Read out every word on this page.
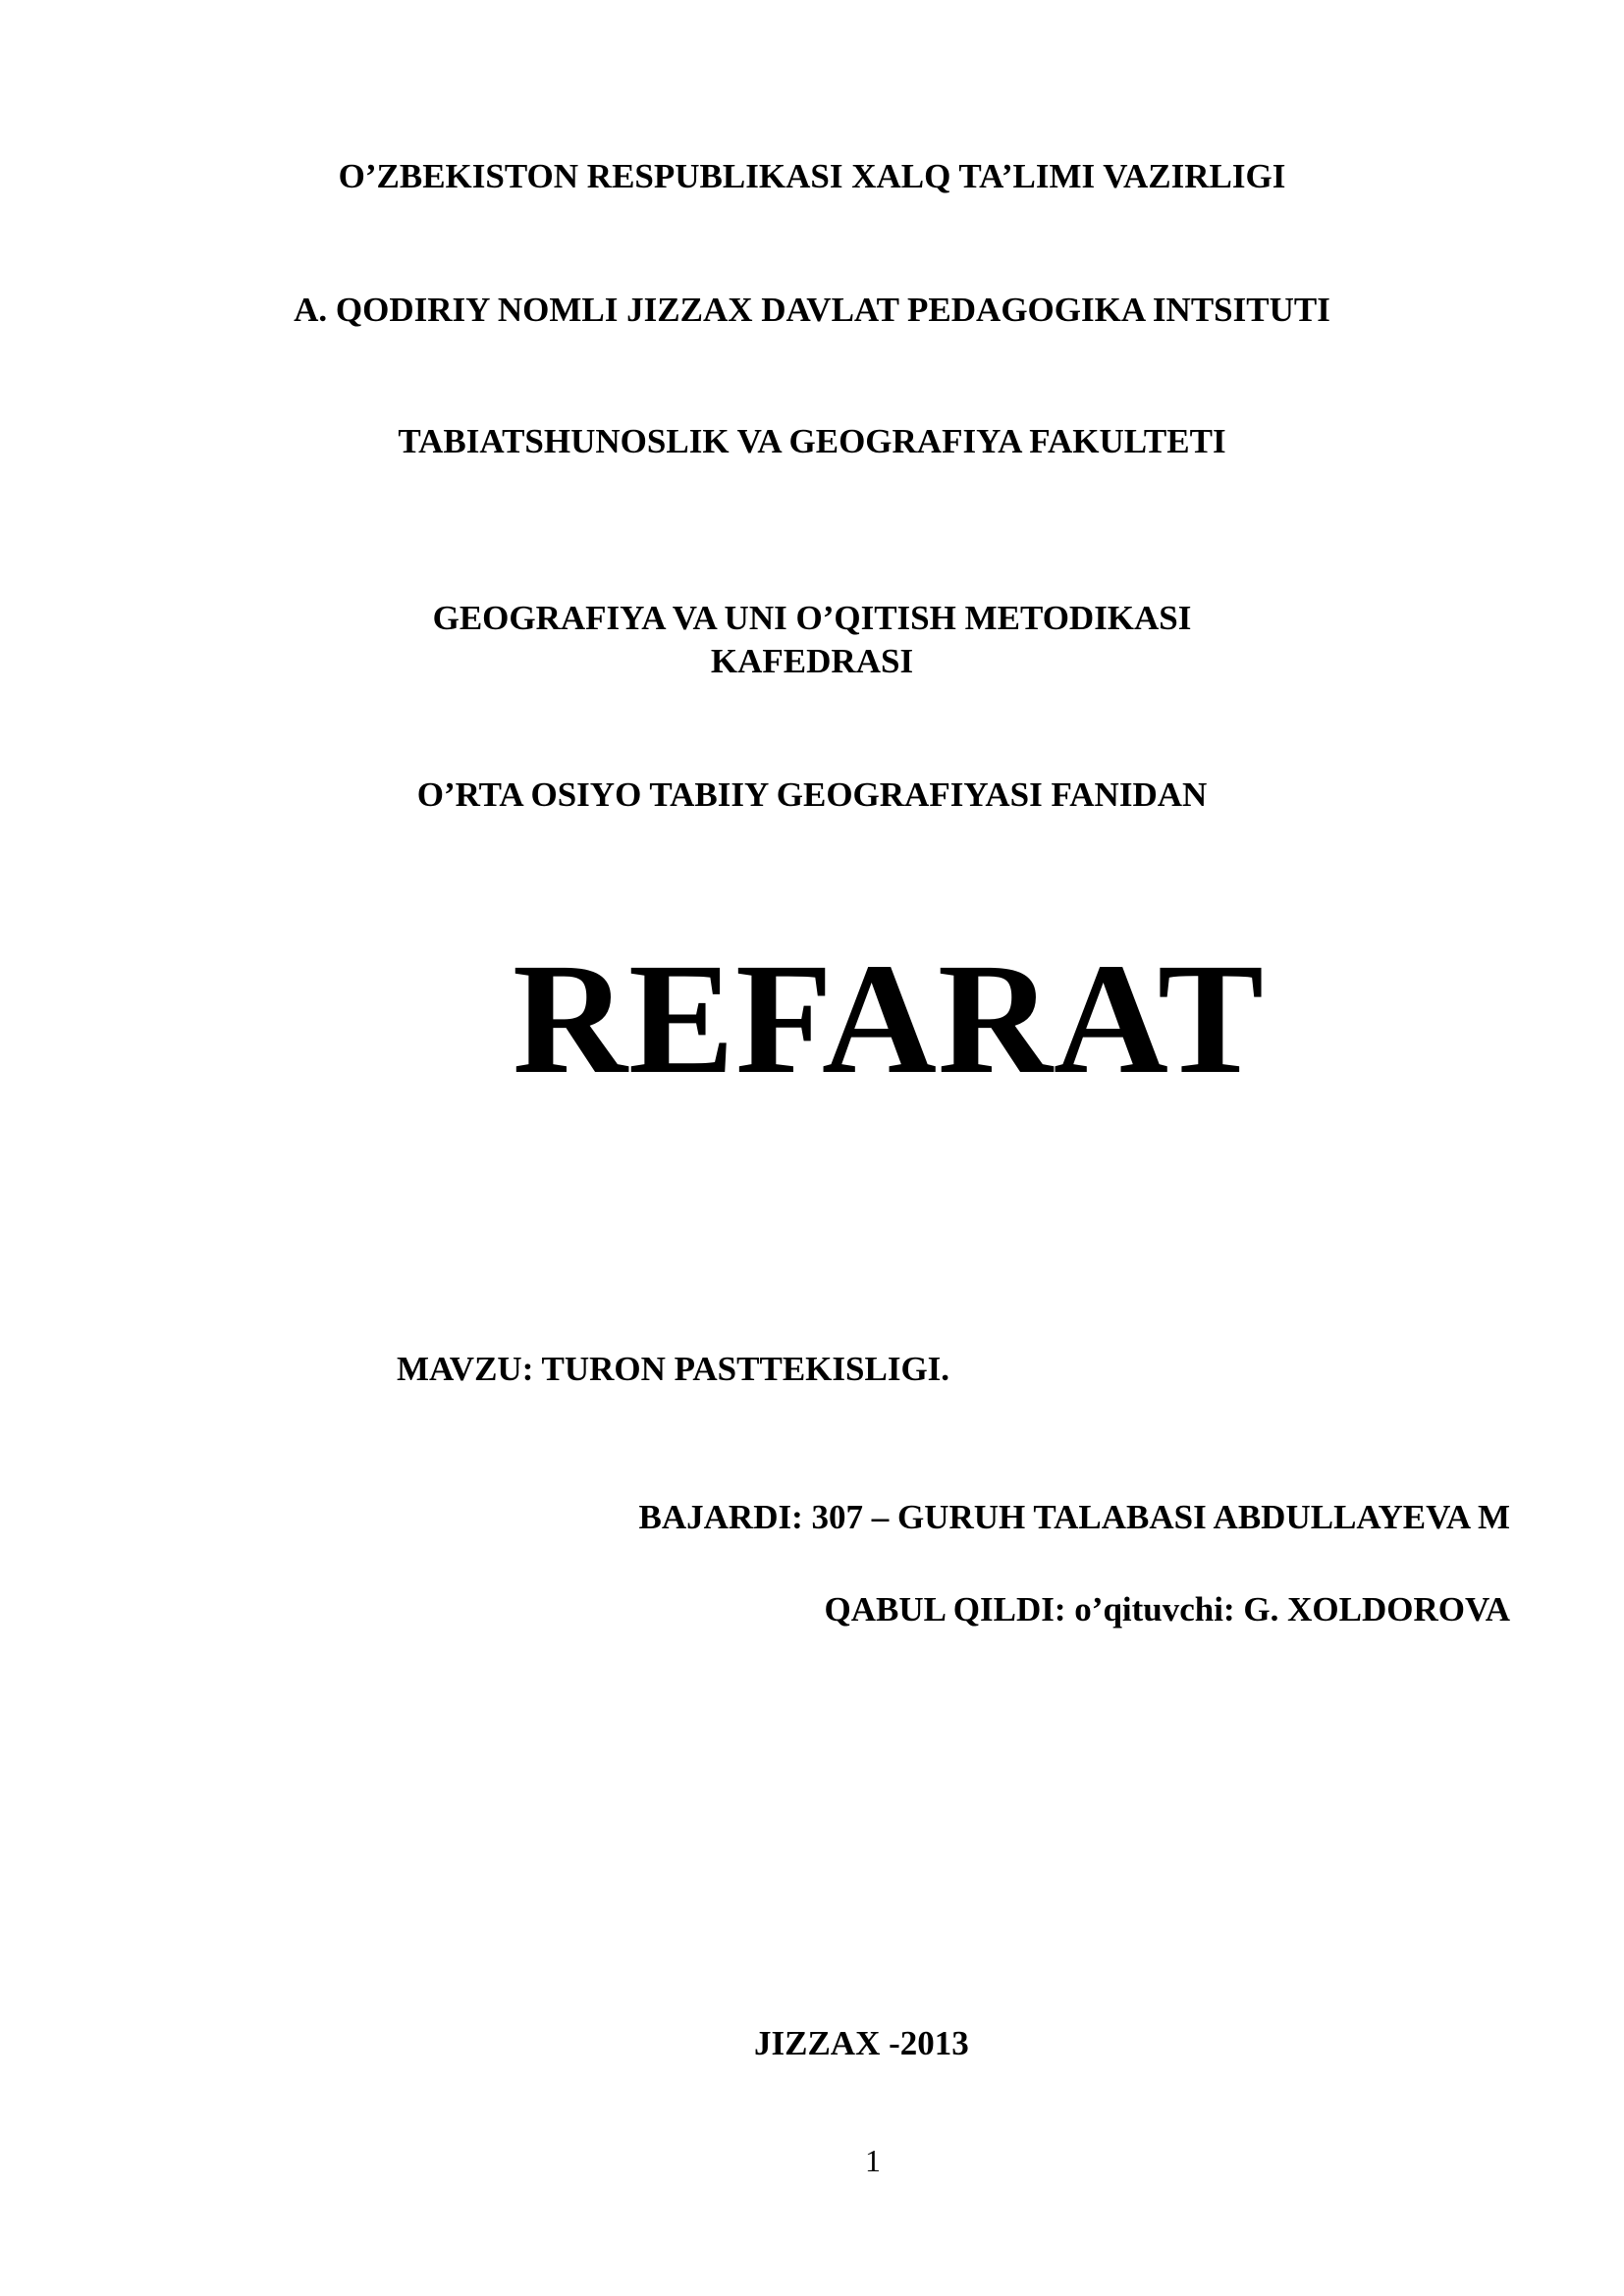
O’ZBEKISTON RESPUBLIKASI XALQ TA’LIMI VAZIRLIGI

A. QODIRIY NOMLI JIZZAX DAVLAT PEDAGOGIKA INTSITUTI

TABIATSHUNOSLIK VA GEOGRAFIYA FAKULTETI

GEOGRAFIYA VA UNI O’QITISH METODIKASI

KAFEDRASI

O’RTA OSIYO TABIIY GEOGRAFIYASI FANIDAN

REFARAT

MAVZU: TURON PASTTEKISLIGI.

BAJARDI: 307 – GURUH TALABASI ABDULLAYEVA M

QABUL QILDI: o’qituvchi: G. XOLDOROVA

JIZZAX -2013

1
